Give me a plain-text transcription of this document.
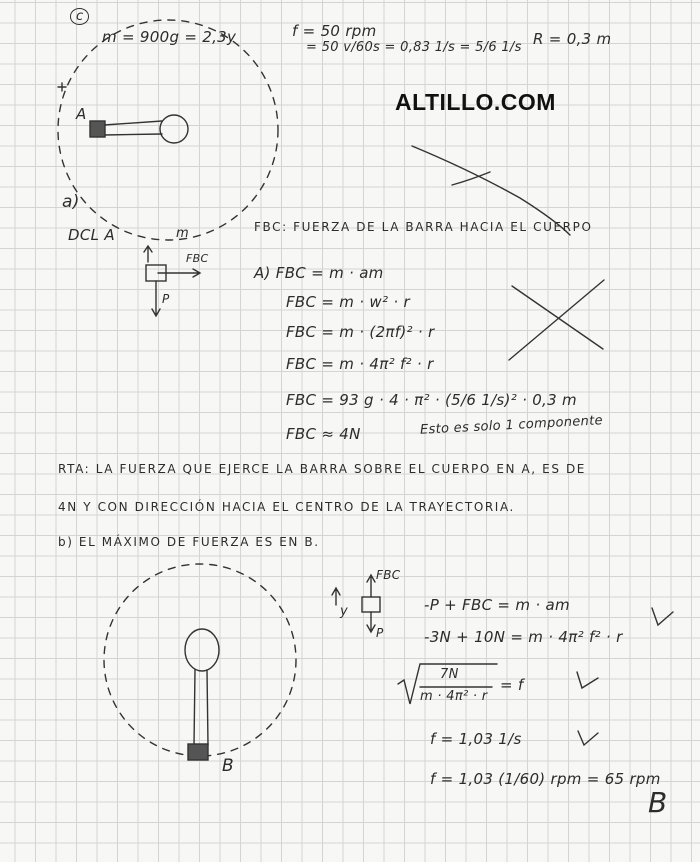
ALTILLO.COM
c
m = 900g = 2,3y	f = 50 rpm
= 50 v/60s = 0,83 1/s = 5/6 1/s R = 0,3 m
A
a)
DCL A	m
FBC
P
FBC: FUERZA DE LA BARRA HACIA EL CUERPO
A) FBC = m · am
FBC = m · w² · r
FBC = m · (2πf)² · r
FBC = m · 4π² f² · r
FBC = 93 g · 4 · π² · (5/6 1/s)² · 0,3 m
FBC ≈ 4N	Esto es solo 1 componente
RTA: LA FUERZA QUE EJERCE LA BARRA SOBRE EL CUERPO EN A, ES DE
4N Y CON DIRECCIÓN HACIA EL CENTRO DE LA TRAYECTORIA.
b) EL MÁXIMO DE FUERZA ES EN B.
FBC
y
P
-P + FBC = m · am
-3N + 10N = m · 4π² f² · r
7N
m · 4π² · r
= f
f = 1,03 1/s
f = 1,03 (1/60) rpm = 65 rpm
B
B
